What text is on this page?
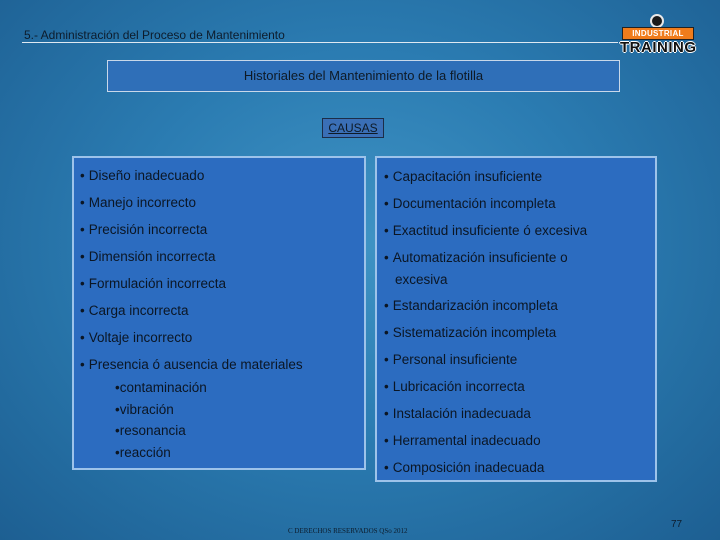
5.- Administración del Proceso de Mantenimiento	INDUSTRIAL
TRAINING
Historiales del Mantenimiento de la flotilla
CAUSAS
• Diseño inadecuado
• Manejo incorrecto
• Precisión incorrecta
• Dimensión incorrecta
• Formulación incorrecta
• Carga incorrecta
• Voltaje incorrecto
• Presencia ó ausencia de materiales
•contaminación
•vibración
•resonancia
•reacción
• Capacitación insuficiente
• Documentación incompleta
• Exactitud insuficiente ó excesiva
• Automatización insuficiente o
excesiva
• Estandarización incompleta
• Sistematización incompleta
• Personal insuficiente
• Lubricación incorrecta
• Instalación inadecuada
• Herramental inadecuado
• Composición inadecuada
C DERECHOS RESERVADOS QSo 2012
77
